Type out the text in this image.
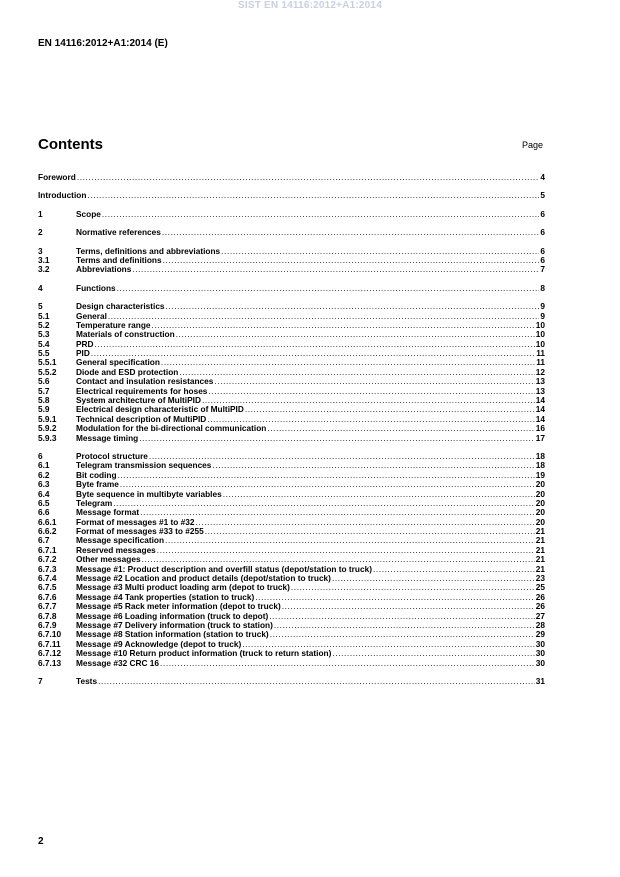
SIST EN 14116:2012+A1:2014
EN 14116:2012+A1:2014 (E)
Contents	Page
Foreword .....	4
Introduction .....	5
1	Scope .....	6
2	Normative references .....	6
3	Terms, definitions and abbreviations .....	6
3.1	Terms and definitions .....	6
3.2	Abbreviations .....	7
4	Functions .....	8
5	Design characteristics .....	9
5.1	General .....	9
5.2	Temperature range .....	10
5.3	Materials of construction .....	10
5.4	PRD .....	10
5.5	PID .....	11
5.5.1	General specification .....	11
5.5.2	Diode and ESD protection .....	12
5.6	Contact and insulation resistances .....	13
5.7	Electrical requirements for hoses .....	13
5.8	System architecture of MultiPID .....	14
5.9	Electrical design characteristic of MultiPID .....	14
5.9.1	Technical description of MultiPID .....	14
5.9.2	Modulation for the bi-directional communication .....	16
5.9.3	Message timing .....	17
6	Protocol structure .....	18
6.1	Telegram transmission sequences .....	18
6.2	Bit coding .....	19
6.3	Byte frame .....	20
6.4	Byte sequence in multibyte variables .....	20
6.5	Telegram .....	20
6.6	Message format .....	20
6.6.1	Format of messages #1 to #32 .....	20
6.6.2	Format of messages #33 to #255 .....	21
6.7	Message specification .....	21
6.7.1	Reserved messages .....	21
6.7.2	Other messages .....	21
6.7.3	Message #1: Product description and overfill status (depot/station to truck) .....	21
6.7.4	Message #2 Location and product details (depot/station to truck) .....	23
6.7.5	Message #3 Multi product loading arm (depot to truck) .....	25
6.7.6	Message #4 Tank properties (station to truck) .....	26
6.7.7	Message #5 Rack meter information (depot to truck) .....	26
6.7.8	Message #6 Loading information (truck to depot) .....	27
6.7.9	Message #7 Delivery information (truck to station) .....	28
6.7.10	Message #8 Station information (station to truck) .....	29
6.7.11	Message #9 Acknowledge (depot to truck) .....	30
6.7.12	Message #10 Return product information (truck to return station) .....	30
6.7.13	Message #32 CRC 16 .....	30
7	Tests .....	31
2
